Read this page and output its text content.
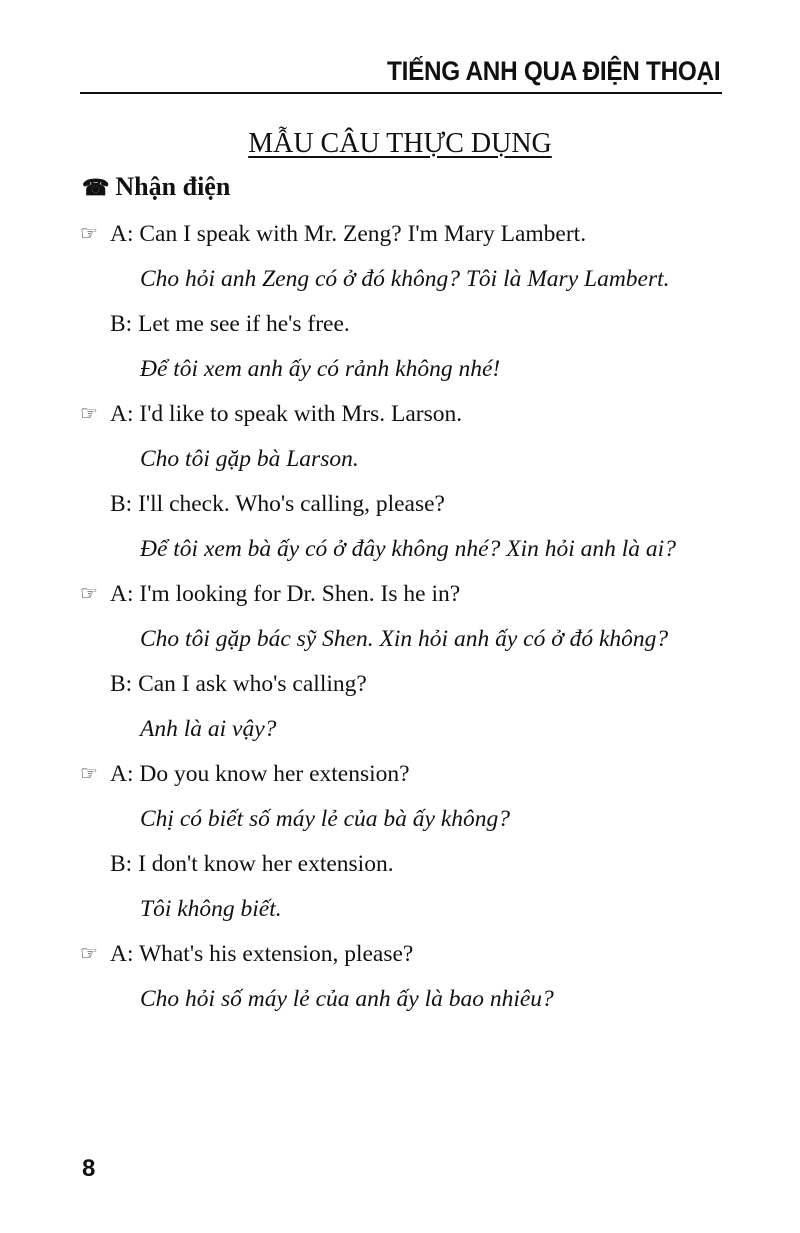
TIẾNG ANH QUA ĐIỆN THOẠI
MẪU CÂU THỰC DỤNG
☎ Nhận điện
☞ A: Can I speak with Mr. Zeng? I'm Mary Lambert.
Cho hỏi anh Zeng có ở đó không? Tôi là Mary Lambert.
B: Let me see if he's free.
Để tôi xem anh ấy có rảnh không nhé!
☞ A: I'd like to speak with Mrs. Larson.
Cho tôi gặp bà Larson.
B: I'll check. Who's calling, please?
Để tôi xem bà ấy có ở đây không nhé? Xin hỏi anh là ai?
☞ A: I'm looking for Dr. Shen. Is he in?
Cho tôi gặp bác sỹ Shen. Xin hỏi anh ấy có ở đó không?
B: Can I ask who's calling?
Anh là ai vậy?
☞ A: Do you know her extension?
Chị có biết số máy lẻ của bà ấy không?
B: I don't know her extension.
Tôi không biết.
☞ A: What's his extension, please?
Cho hỏi số máy lẻ của anh ấy là bao nhiêu?
8
